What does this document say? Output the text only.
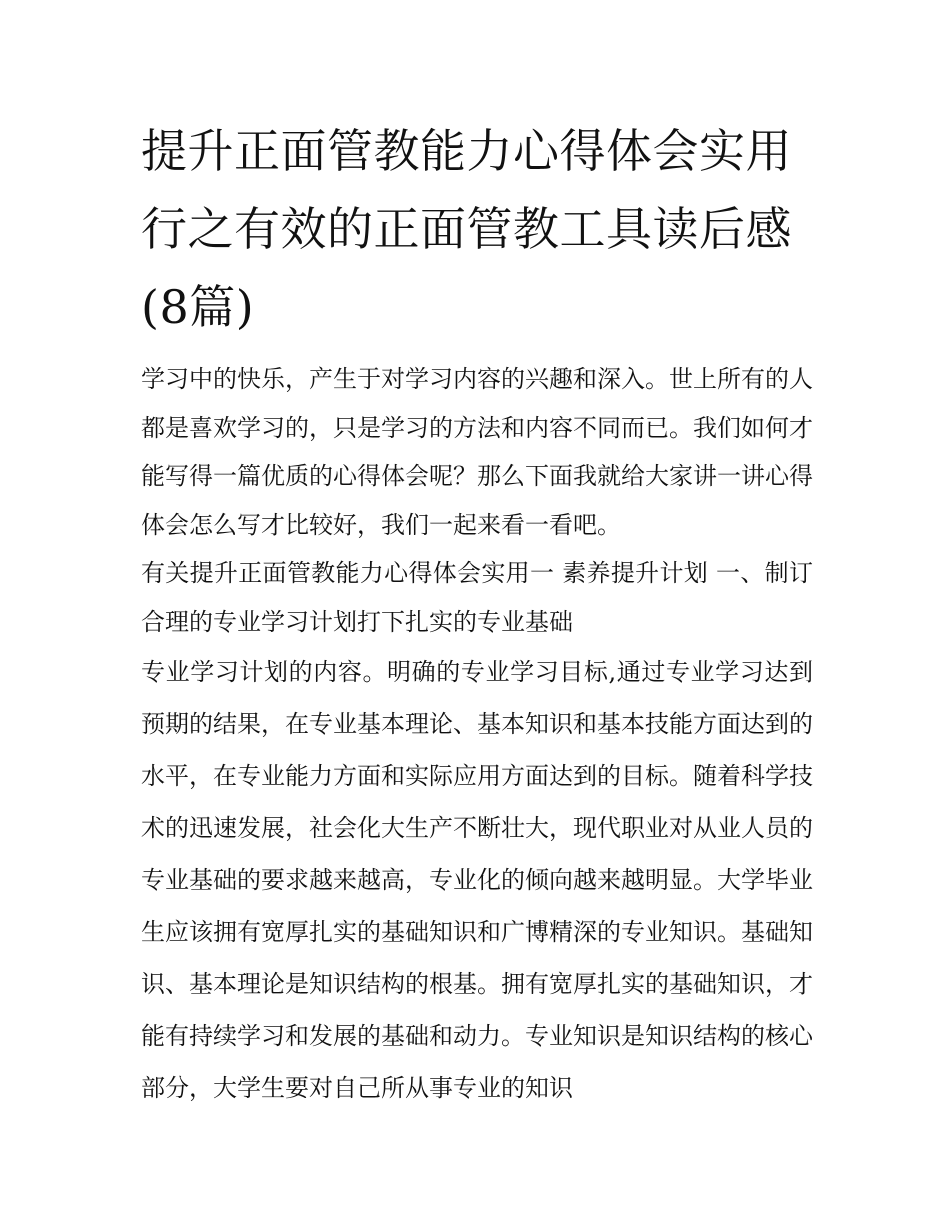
提升正面管教能力心得体会实用 行之有效的正面管教工具读后感(8篇)

学习中的快乐，产生于对学习内容的兴趣和深入。世上所有的人都是喜欢学习的，只是学习的方法和内容不同而已。我们如何才能写得一篇优质的心得体会呢？那么下面我就给大家讲一讲心得体会怎么写才比较好，我们一起来看一看吧。

有关提升正面管教能力心得体会实用一 素养提升计划 一、制订合理的专业学习计划打下扎实的专业基础

专业学习计划的内容。明确的专业学习目标,通过专业学习达到预期的结果，在专业基本理论、基本知识和基本技能方面达到的水平，在专业能力方面和实际应用方面达到的目标。随着科学技术的迅速发展，社会化大生产不断壮大，现代职业对从业人员的专业基础的要求越来越高，专业化的倾向越来越明显。大学毕业生应该拥有宽厚扎实的基础知识和广博精深的专业知识。基础知识、基本理论是知识结构的根基。拥有宽厚扎实的基础知识，才能有持续学习和发展的基础和动力。专业知识是知识结构的核心部分，大学生要对自己所从事专业的知识
